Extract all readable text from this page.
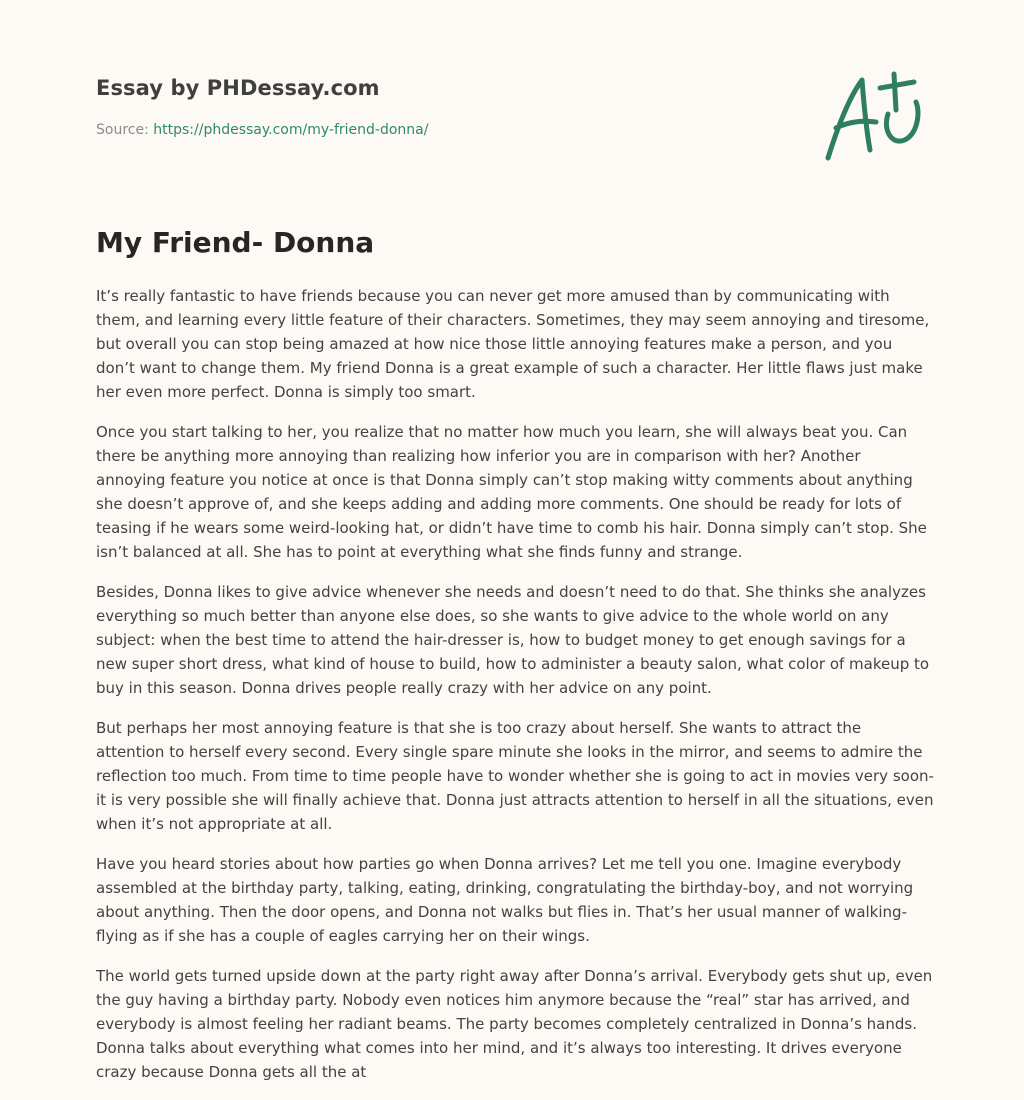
Essay by PHDessay.com
Source: https://phdessay.com/my-friend-donna/
My Friend- Donna

It’s really fantastic to have friends because you can never get more amused than by communicating with them, and learning every little feature of their characters. Sometimes, they may seem annoying and tiresome, but overall you can stop being amazed at how nice those little annoying features make a person, and you don’t want to change them. My friend Donna is a great example of such a character. Her little flaws just make her even more perfect. Donna is simply too smart.

Once you start talking to her, you realize that no matter how much you learn, she will always beat you. Can there be anything more annoying than realizing how inferior you are in comparison with her? Another annoying feature you notice at once is that Donna simply can’t stop making witty comments about anything she doesn’t approve of, and she keeps adding and adding more comments. One should be ready for lots of teasing if he wears some weird-looking hat, or didn’t have time to comb his hair. Donna simply can’t stop. She isn’t balanced at all. She has to point at everything what she finds funny and strange.

Besides, Donna likes to give advice whenever she needs and doesn’t need to do that. She thinks she analyzes everything so much better than anyone else does, so she wants to give advice to the whole world on any subject: when the best time to attend the hair-dresser is, how to budget money to get enough savings for a new super short dress, what kind of house to build, how to administer a beauty salon, what color of makeup to buy in this season. Donna drives people really crazy with her advice on any point.

But perhaps her most annoying feature is that she is too crazy about herself. She wants to attract the attention to herself every second. Every single spare minute she looks in the mirror, and seems to admire the reflection too much. From time to time people have to wonder whether she is going to act in movies very soon- it is very possible she will finally achieve that. Donna just attracts attention to herself in all the situations, even when it’s not appropriate at all.

Have you heard stories about how parties go when Donna arrives? Let me tell you one. Imagine everybody assembled at the birthday party, talking, eating, drinking, congratulating the birthday-boy, and not worrying about anything. Then the door opens, and Donna not walks but flies in. That’s her usual manner of walking- flying as if she has a couple of eagles carrying her on their wings.

The world gets turned upside down at the party right away after Donna’s arrival. Everybody gets shut up, even the guy having a birthday party. Nobody even notices him anymore because the “real” star has arrived, and everybody is almost feeling her radiant beams. The party becomes completely centralized in Donna’s hands. Donna talks about everything what comes into her mind, and it’s always too interesting. It drives everyone crazy because Donna gets all the at
